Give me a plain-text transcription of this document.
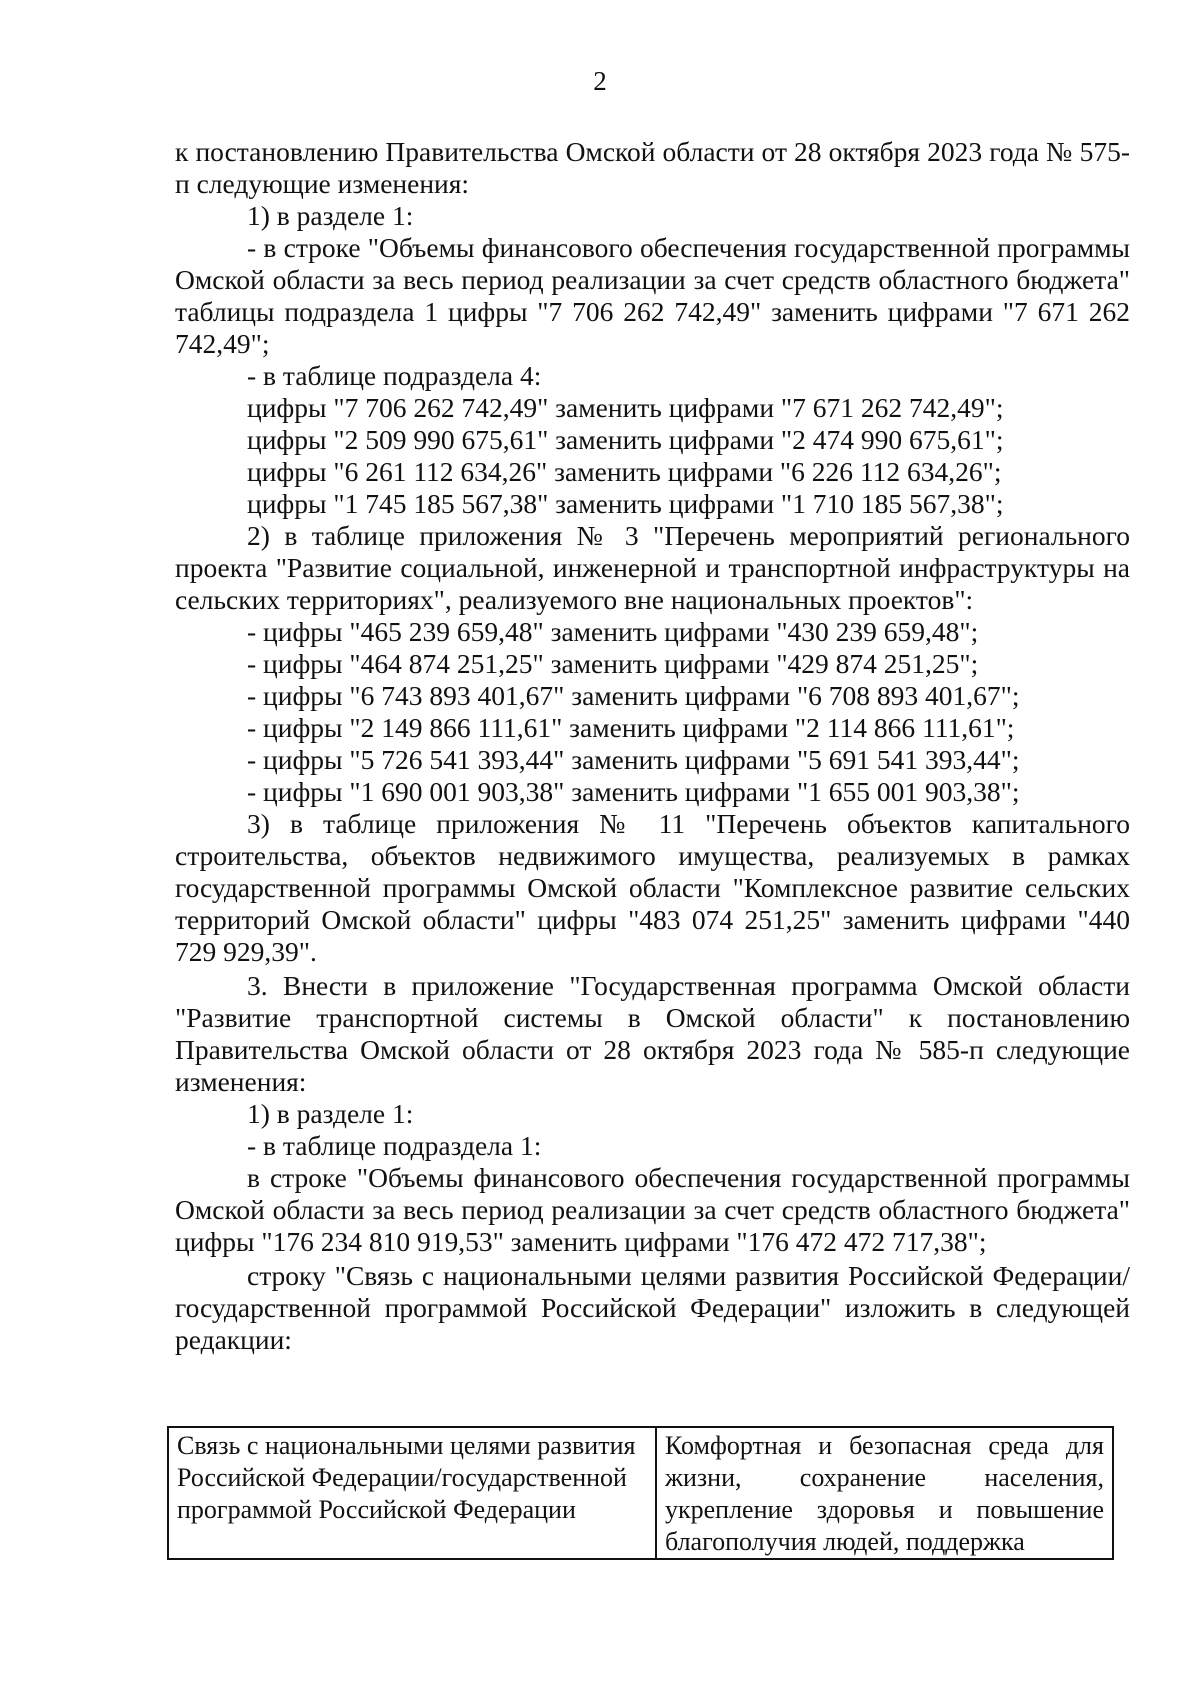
2

к постановлению Правительства Омской области от 28 октября 2023 года № 575-п следующие изменения:

1) в разделе 1:

- в строке "Объемы финансового обеспечения государственной программы Омской области за весь период реализации за счет средств областного бюджета" таблицы подраздела 1 цифры "7 706 262 742,49" заменить цифрами "7 671 262 742,49";

- в таблице подраздела 4:

цифры "7 706 262 742,49" заменить цифрами "7 671 262 742,49";

цифры "2 509 990 675,61" заменить цифрами "2 474 990 675,61";

цифры "6 261 112 634,26" заменить цифрами "6 226 112 634,26";

цифры "1 745 185 567,38" заменить цифрами "1 710 185 567,38";

2) в таблице приложения № 3 "Перечень мероприятий регионального проекта "Развитие социальной, инженерной и транспортной инфраструктуры на сельских территориях", реализуемого вне национальных проектов":

- цифры "465 239 659,48" заменить цифрами "430 239 659,48";

- цифры "464 874 251,25" заменить цифрами "429 874 251,25";

- цифры "6 743 893 401,67" заменить цифрами "6 708 893 401,67";

- цифры "2 149 866 111,61" заменить цифрами "2 114 866 111,61";

- цифры "5 726 541 393,44" заменить цифрами "5 691 541 393,44";

- цифры "1 690 001 903,38" заменить цифрами "1 655 001 903,38";

3) в таблице приложения № 11 "Перечень объектов капитального строительства, объектов недвижимого имущества, реализуемых в рамках государственной программы Омской области "Комплексное развитие сельских территорий Омской области" цифры "483 074 251,25" заменить цифрами "440 729 929,39".

3. Внести в приложение "Государственная программа Омской области "Развитие транспортной системы в Омской области" к постановлению Правительства Омской области от 28 октября 2023 года № 585-п следующие изменения:

1) в разделе 1:

- в таблице подраздела 1:

в строке "Объемы финансового обеспечения государственной программы Омской области за весь период реализации за счет средств областного бюджета" цифры "176 234 810 919,53" заменить цифрами "176 472 472 717,38";

строку "Связь с национальными целями развития Российской Федерации/государственной программой Российской Федерации" изложить в следующей редакции:

Связь с национальными целями развития Российской Федерации/государственной программой Российской Федерации	Комфортная и безопасная среда для жизни, сохранение населения, укрепление здоровья и повышение благополучия людей, поддержка
